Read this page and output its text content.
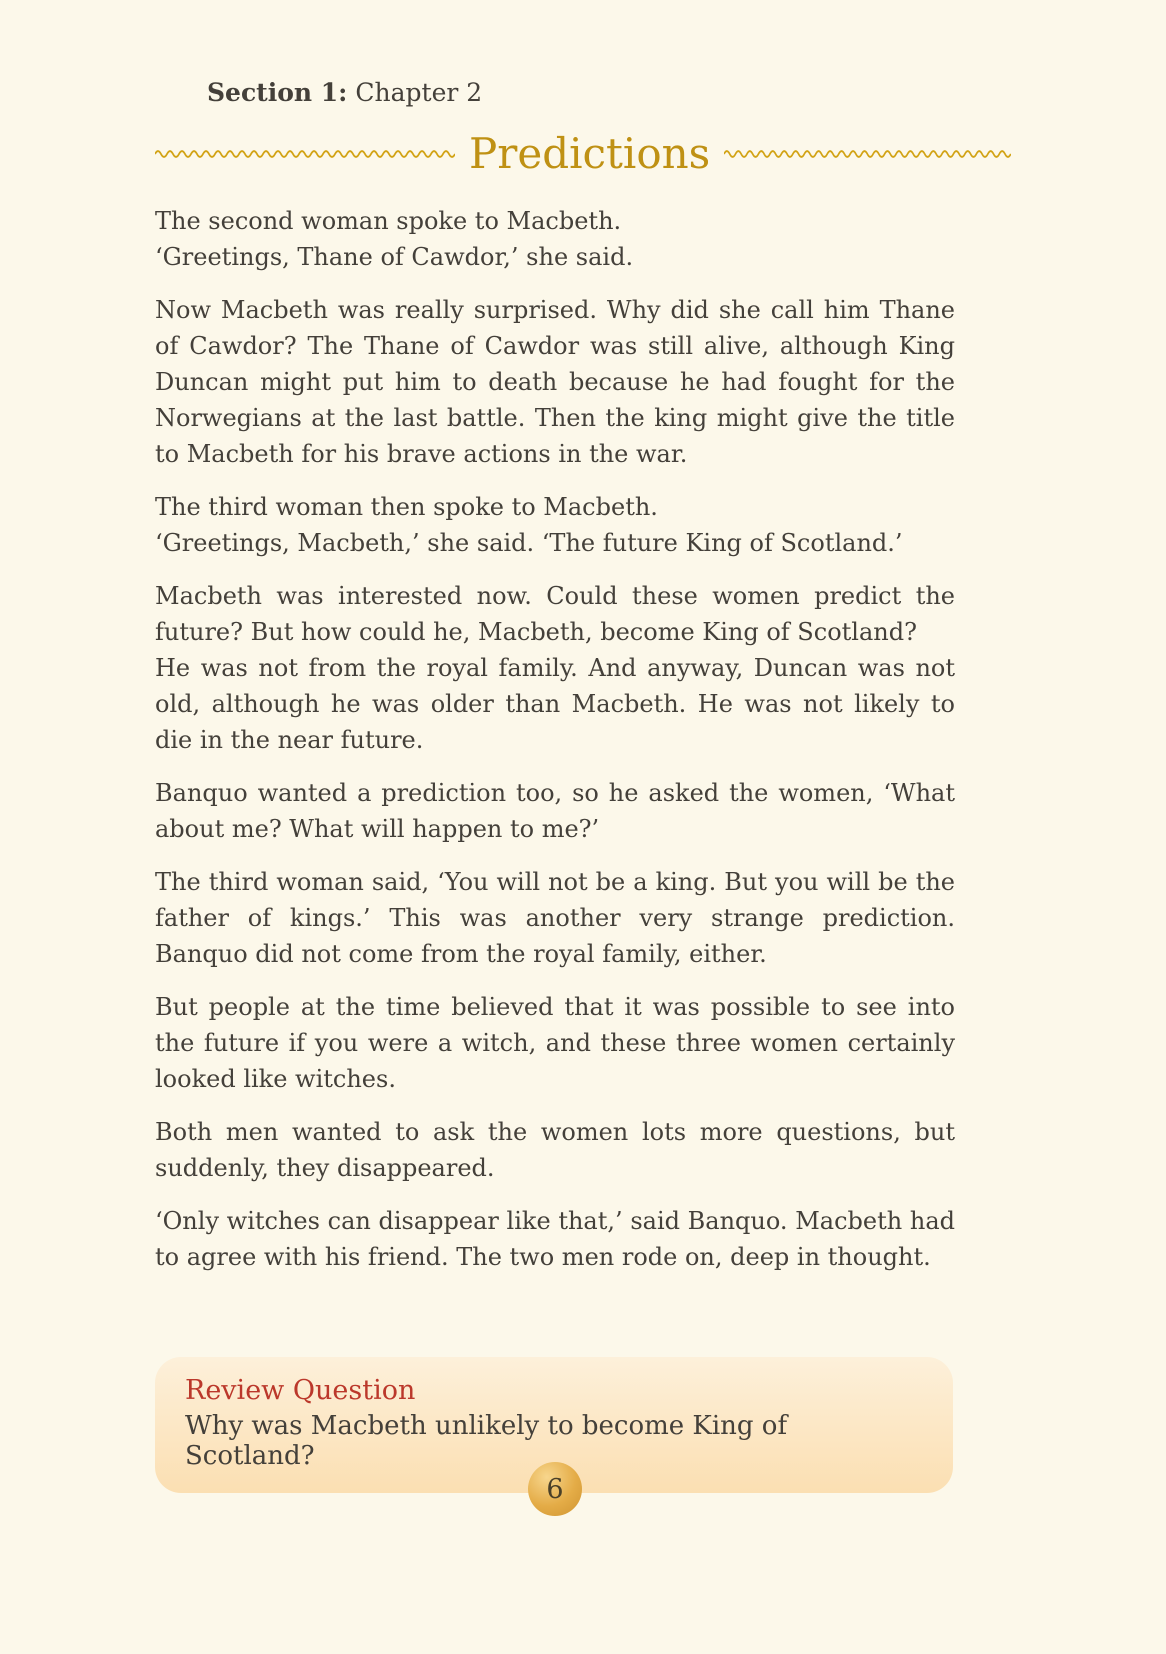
Section 1: Chapter 2
Predictions
The second woman spoke to Macbeth.
‘Greetings, Thane of Cawdor,’ she said.
Now Macbeth was really surprised. Why did she call him Thane of Cawdor? The Thane of Cawdor was still alive, although King Duncan might put him to death because he had fought for the Norwegians at the last battle. Then the king might give the title to Macbeth for his brave actions in the war.
The third woman then spoke to Macbeth.
‘Greetings, Macbeth,’ she said. ‘The future King of Scotland.’
Macbeth was interested now. Could these women predict the future? But how could he, Macbeth, become King of Scotland?
He was not from the royal family. And anyway, Duncan was not old, although he was older than Macbeth. He was not likely to die in the near future.
Banquo wanted a prediction too, so he asked the women, ‘What about me? What will happen to me?’
The third woman said, ‘You will not be a king. But you will be the father of kings.’ This was another very strange prediction. Banquo did not come from the royal family, either.
But people at the time believed that it was possible to see into the future if you were a witch, and these three women certainly looked like witches.
Both men wanted to ask the women lots more questions, but suddenly, they disappeared.
‘Only witches can disappear like that,’ said Banquo. Macbeth had to agree with his friend. The two men rode on, deep in thought.
Review Question
Why was Macbeth unlikely to become King of Scotland?
6
